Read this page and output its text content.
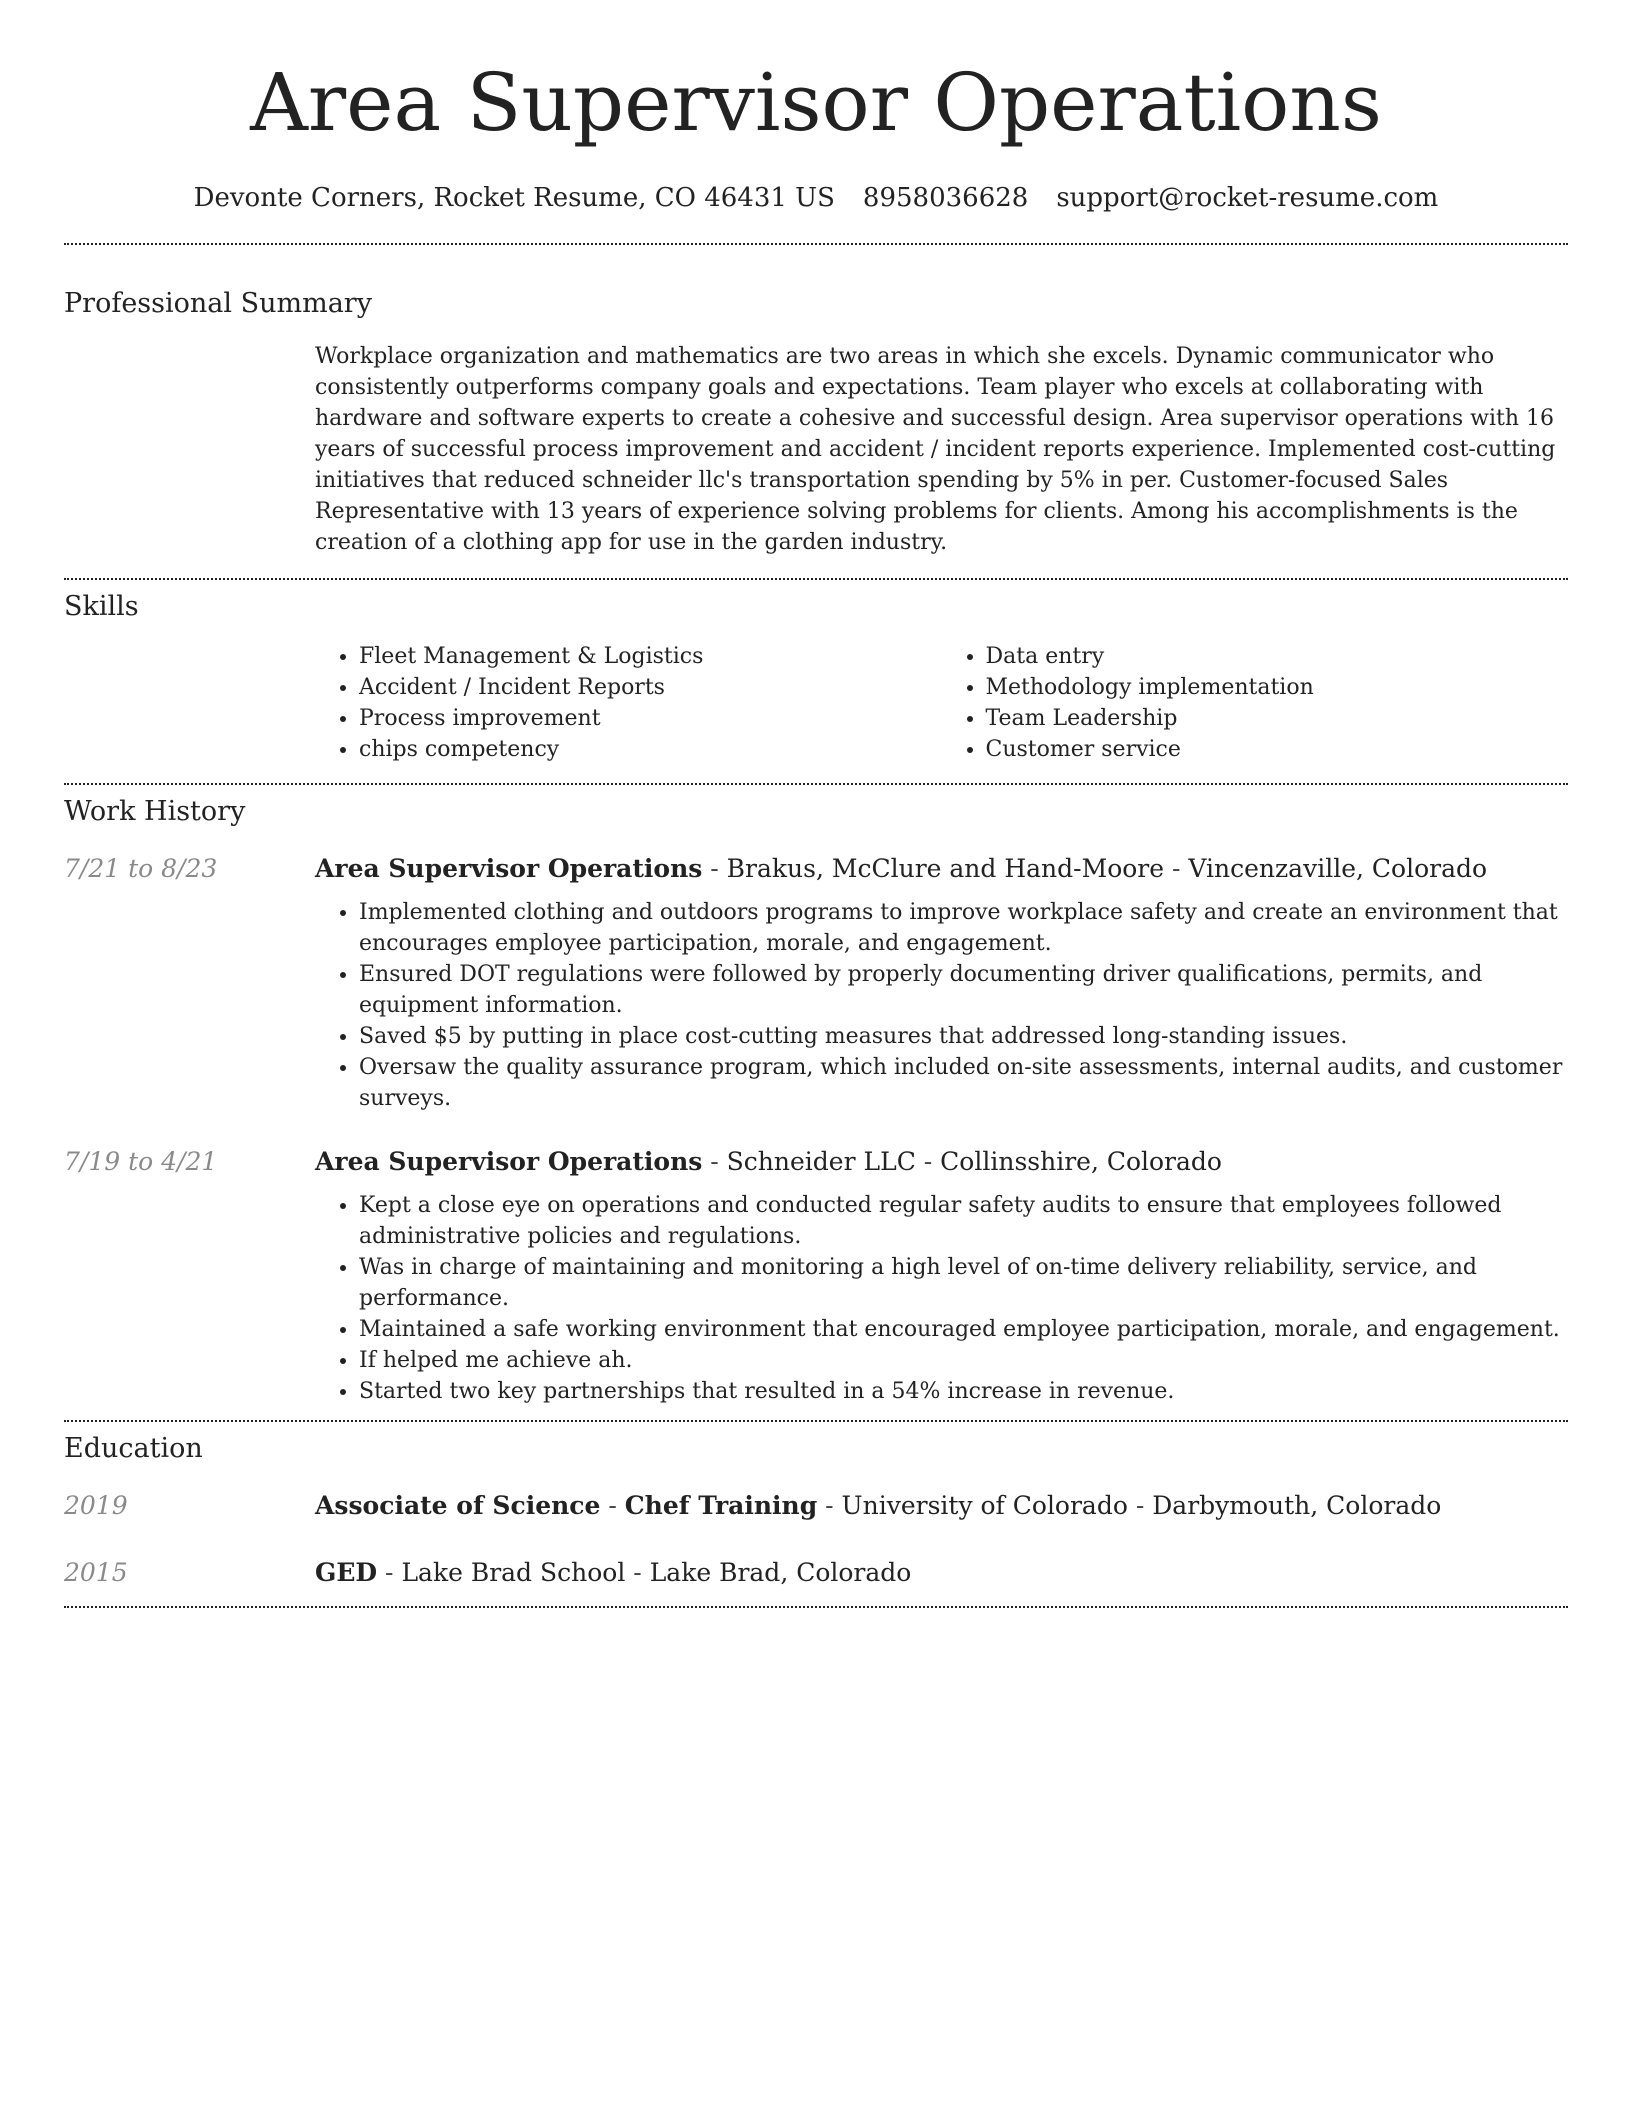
Area Supervisor Operations
Devonte Corners, Rocket Resume, CO 46431 US 8958036628 support@rocket-resume.com
Professional Summary
Workplace organization and mathematics are two areas in which she excels. Dynamic communicator who consistently outperforms company goals and expectations. Team player who excels at collaborating with hardware and software experts to create a cohesive and successful design. Area supervisor operations with 16 years of successful process improvement and accident / incident reports experience. Implemented cost-cutting initiatives that reduced schneider llc's transportation spending by 5% in per. Customer-focused Sales Representative with 13 years of experience solving problems for clients. Among his accomplishments is the creation of a clothing app for use in the garden industry.
Skills
• Fleet Management & Logistics
• Accident / Incident Reports
• Process improvement
• chips competency
• Data entry
• Methodology implementation
• Team Leadership
• Customer service
Work History
7/21 to 8/23	Area Supervisor Operations - Brakus, McClure and Hand-Moore - Vincenzaville, Colorado
• Implemented clothing and outdoors programs to improve workplace safety and create an environment that encourages employee participation, morale, and engagement.
• Ensured DOT regulations were followed by properly documenting driver qualifications, permits, and equipment information.
• Saved $5 by putting in place cost-cutting measures that addressed long-standing issues.
• Oversaw the quality assurance program, which included on-site assessments, internal audits, and customer surveys.
7/19 to 4/21	Area Supervisor Operations - Schneider LLC - Collinsshire, Colorado
• Kept a close eye on operations and conducted regular safety audits to ensure that employees followed administrative policies and regulations.
• Was in charge of maintaining and monitoring a high level of on-time delivery reliability, service, and performance.
• Maintained a safe working environment that encouraged employee participation, morale, and engagement.
• If helped me achieve ah.
• Started two key partnerships that resulted in a 54% increase in revenue.
Education
2019	Associate of Science - Chef Training - University of Colorado - Darbymouth, Colorado
2015	GED - Lake Brad School - Lake Brad, Colorado
